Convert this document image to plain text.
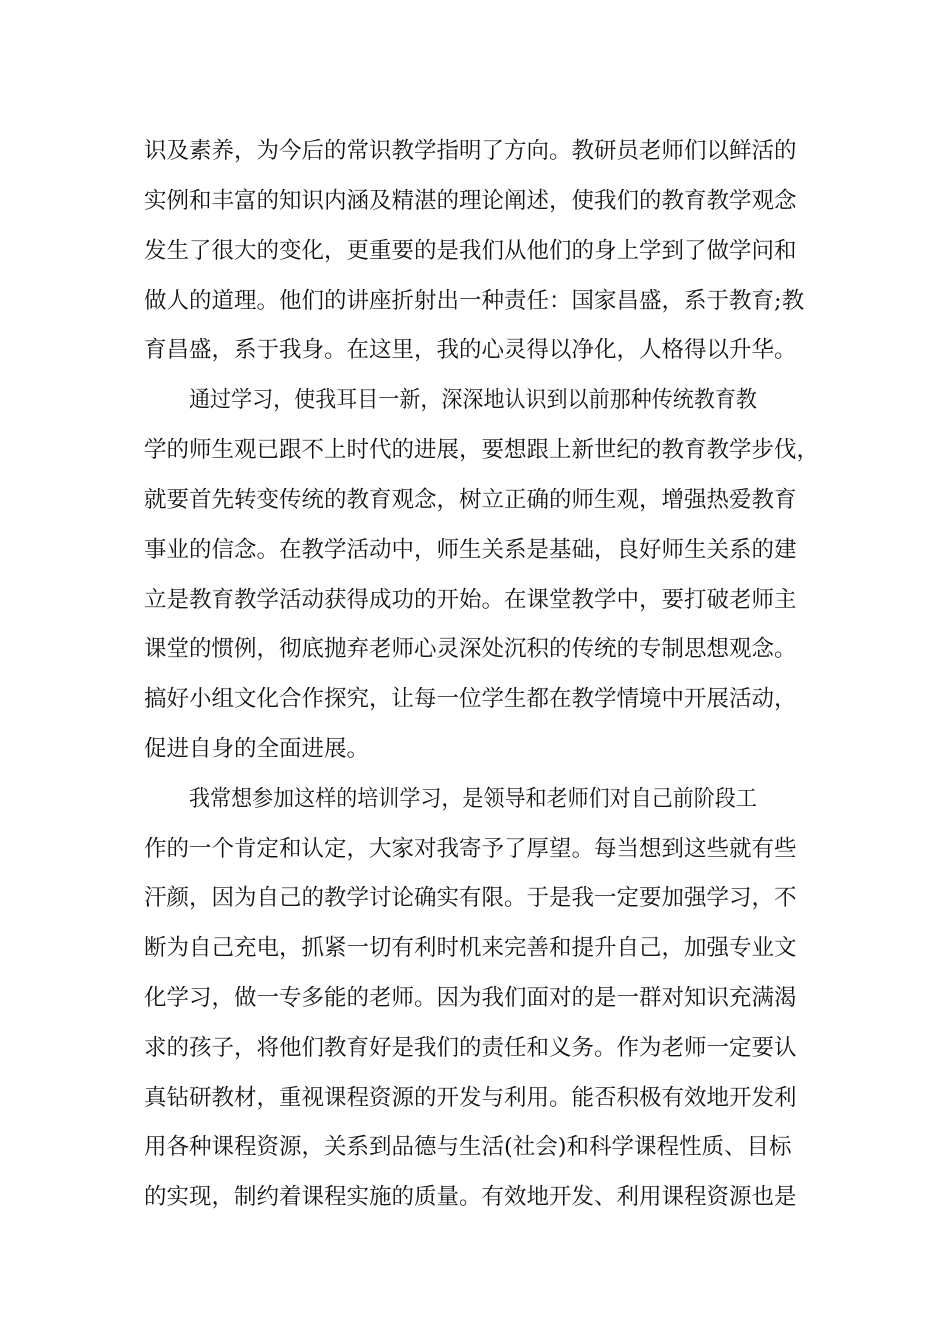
识及素养，为今后的常识教学指明了方向。教研员老师们以鲜活的
实例和丰富的知识内涵及精湛的理论阐述，使我们的教育教学观念
发生了很大的变化，更重要的是我们从他们的身上学到了做学问和
做人的道理。他们的讲座折射出一种责任：国家昌盛，系于教育;教
育昌盛，系于我身。在这里，我的心灵得以净化，人格得以升华。
通过学习，使我耳目一新，深深地认识到以前那种传统教育教
学的师生观已跟不上时代的进展，要想跟上新世纪的教育教学步伐，
就要首先转变传统的教育观念，树立正确的师生观，增强热爱教育
事业的信念。在教学活动中，师生关系是基础，良好师生关系的建
立是教育教学活动获得成功的开始。在课堂教学中，要打破老师主
课堂的惯例，彻底抛弃老师心灵深处沉积的传统的专制思想观念。
搞好小组文化合作探究，让每一位学生都在教学情境中开展活动，
促进自身的全面进展。
我常想参加这样的培训学习，是领导和老师们对自己前阶段工
作的一个肯定和认定，大家对我寄予了厚望。每当想到这些就有些
汗颜，因为自己的教学讨论确实有限。于是我一定要加强学习，不
断为自己充电，抓紧一切有利时机来完善和提升自己，加强专业文
化学习，做一专多能的老师。因为我们面对的是一群对知识充满渴
求的孩子，将他们教育好是我们的责任和义务。作为老师一定要认
真钻研教材，重视课程资源的开发与利用。能否积极有效地开发利
用各种课程资源，关系到品德与生活(社会)和科学课程性质、目标
的实现，制约着课程实施的质量。有效地开发、利用课程资源也是
